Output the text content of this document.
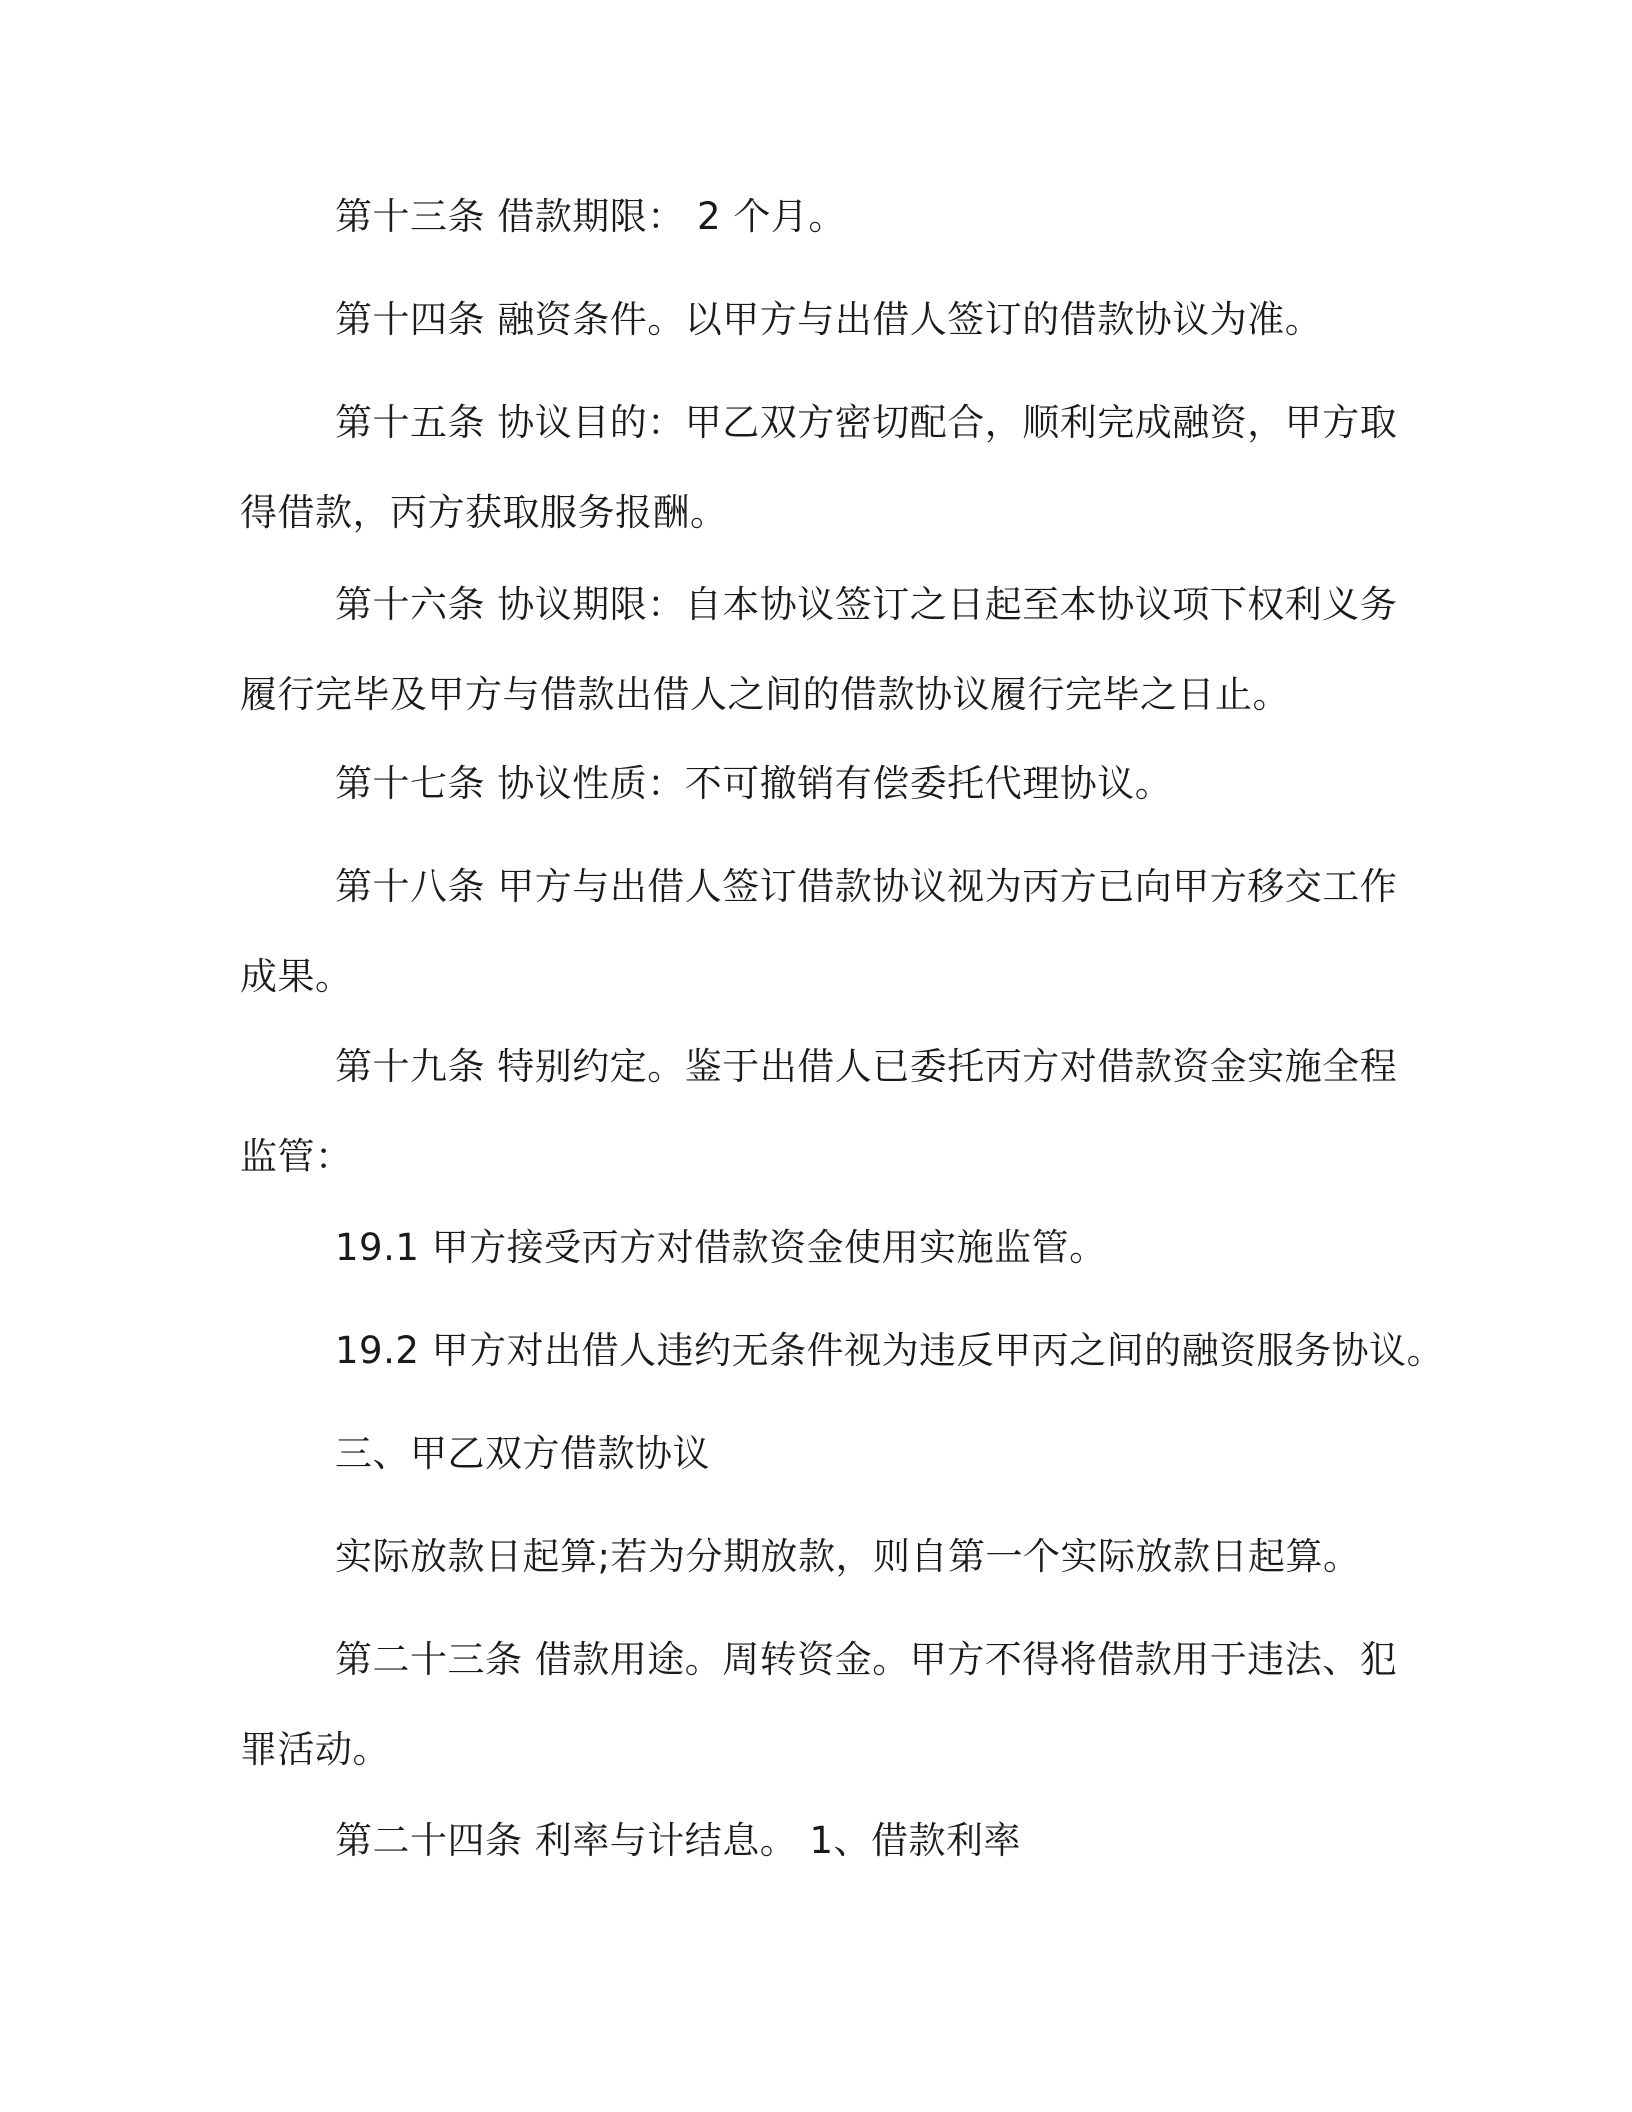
第十三条 借款期限： 2 个月。
第十四条 融资条件。以甲方与出借人签订的借款协议为准。
第十五条 协议目的：甲乙双方密切配合，顺利完成融资，甲方取
得借款，丙方获取服务报酬。
第十六条 协议期限：自本协议签订之日起至本协议项下权利义务
履行完毕及甲方与借款出借人之间的借款协议履行完毕之日止。
第十七条 协议性质：不可撤销有偿委托代理协议。
第十八条 甲方与出借人签订借款协议视为丙方已向甲方移交工作
成果。
第十九条 特别约定。鉴于出借人已委托丙方对借款资金实施全程
监管：
19.1 甲方接受丙方对借款资金使用实施监管。
19.2 甲方对出借人违约无条件视为违反甲丙之间的融资服务协议。
三、甲乙双方借款协议
实际放款日起算;若为分期放款，则自第一个实际放款日起算。
第二十三条 借款用途。周转资金。甲方不得将借款用于违法、犯
罪活动。
第二十四条 利率与计结息。 1、借款利率
